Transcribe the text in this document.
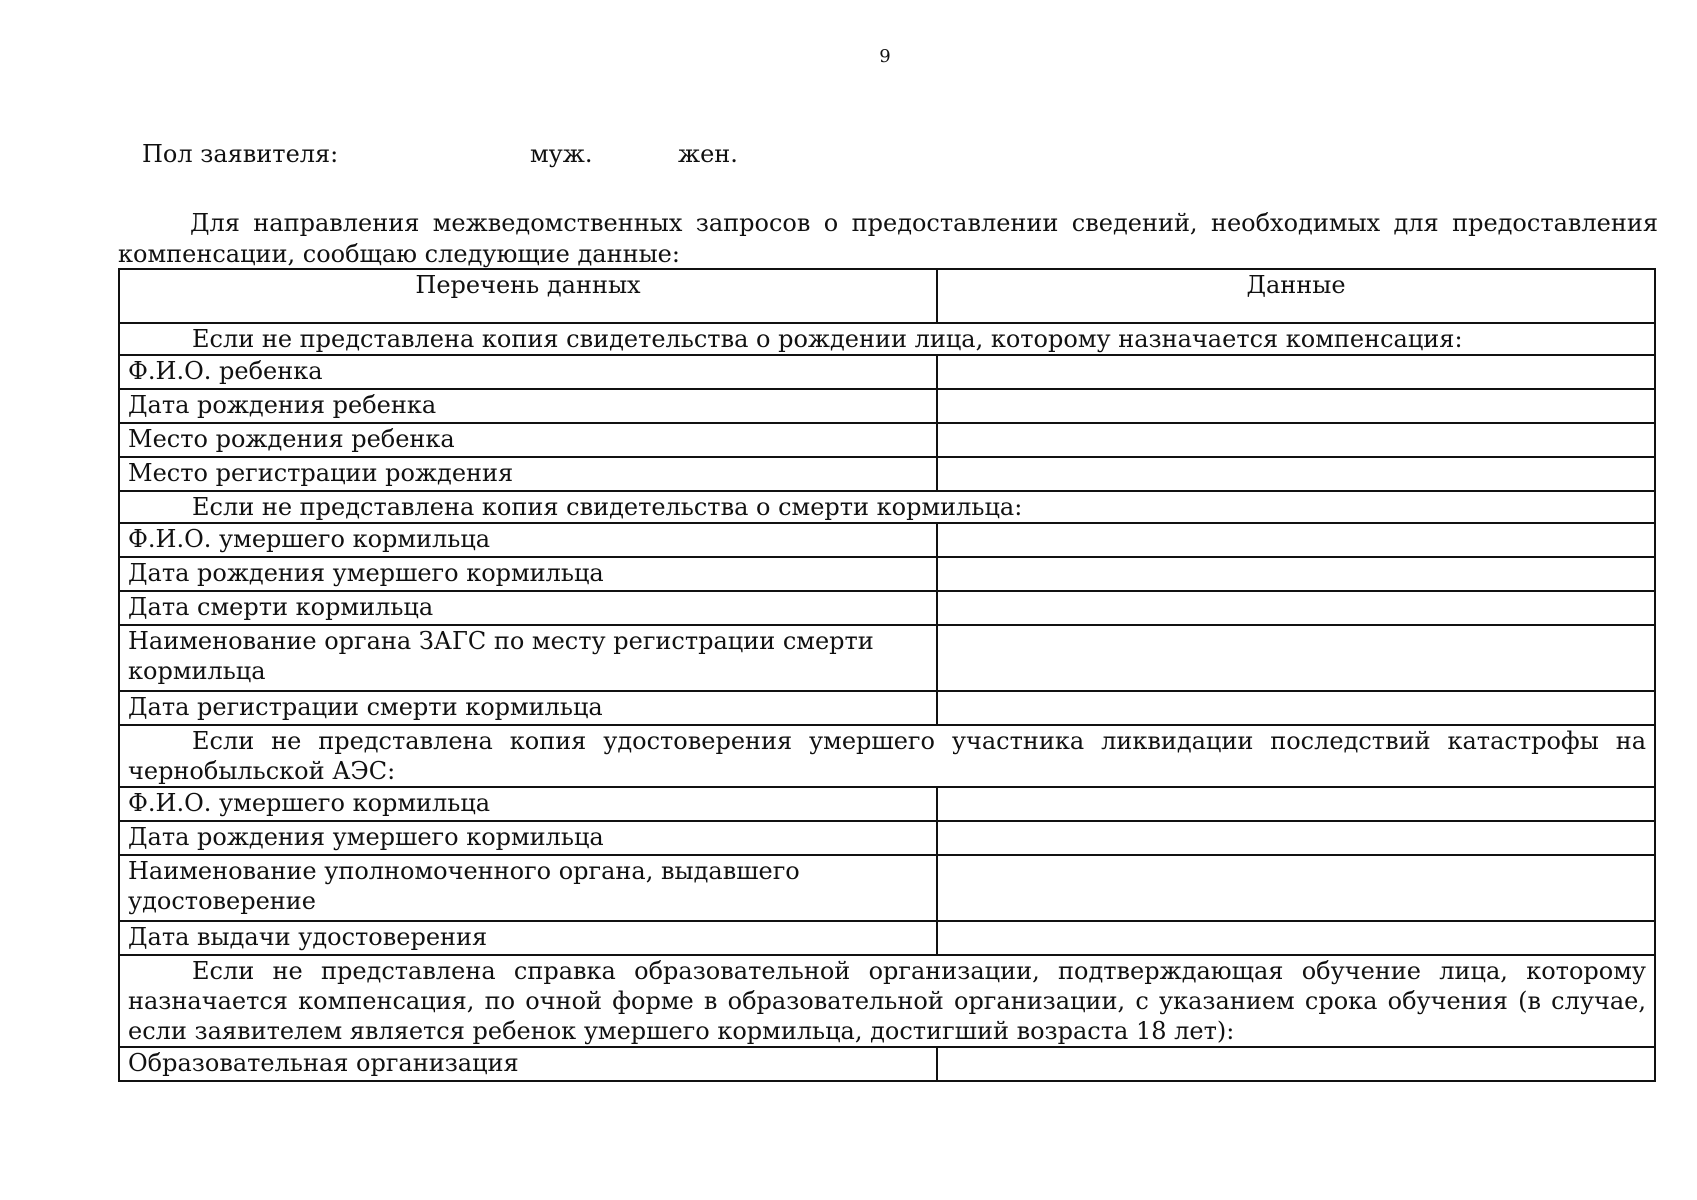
9
Пол заявителя:	муж.	жен.
Для направления межведомственных запросов о предоставлении сведений, необходимых для предоставления компенсации, сообщаю следующие данные:
Перечень данных	Данные
Если не представлена копия свидетельства о рождении лица, которому назначается компенсация:	
Ф.И.О. ребенка	
Дата рождения ребенка	
Место рождения ребенка	
Место регистрации рождения	
Если не представлена копия свидетельства о смерти кормильца:	
Ф.И.О. умершего кормильца	
Дата рождения умершего кормильца	
Дата смерти кормильца	
Наименование органа ЗАГС по месту регистрации смерти кормильца	
Дата регистрации смерти кормильца	
Если не представлена копия удостоверения умершего участника ликвидации последствий катастрофы на чернобыльской АЭС:	
Ф.И.О. умершего кормильца	
Дата рождения умершего кормильца	
Наименование уполномоченного органа, выдавшего удостоверение	
Дата выдачи удостоверения	
Если не представлена справка образовательной организации, подтверждающая обучение лица, которому назначается компенсация, по очной форме в образовательной организации, с указанием срока обучения (в случае, если заявителем является ребенок умершего кормильца, достигший возраста 18 лет):	
Образовательная организация	
